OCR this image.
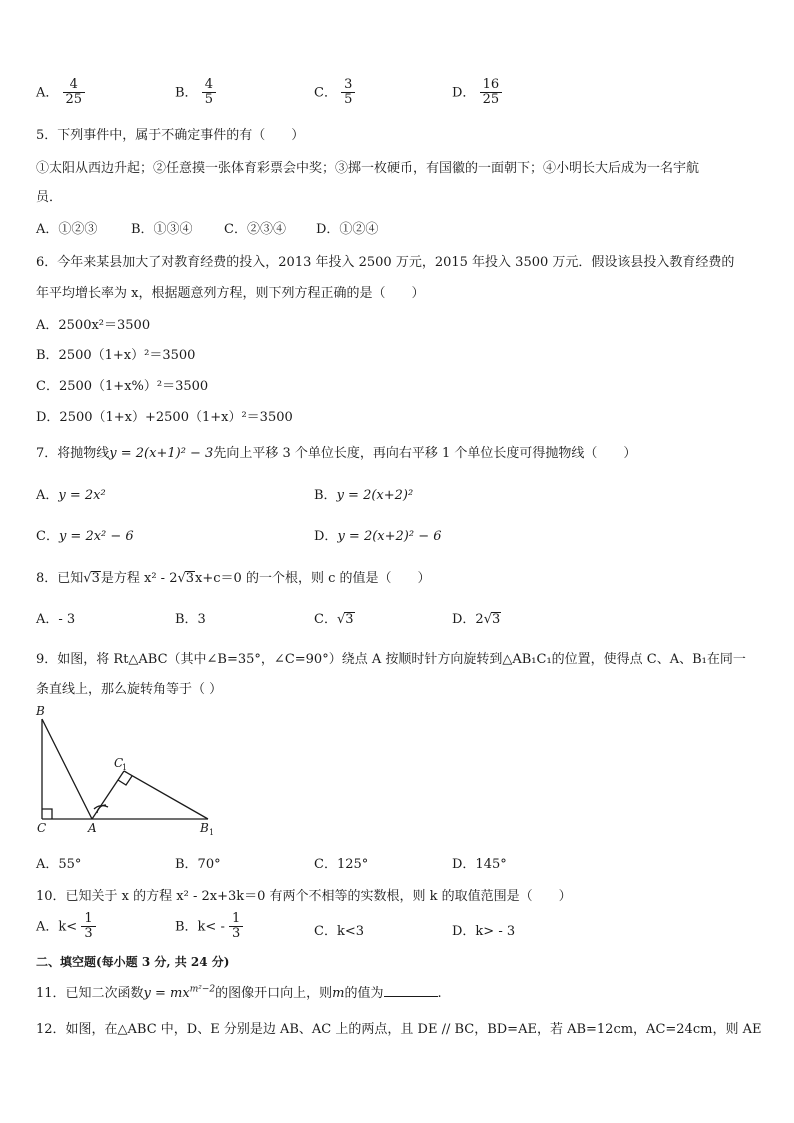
A． $\frac{4}{25}$	B． $\frac{4}{5}$	C． $\frac{3}{5}$	D． $\frac{16}{25}$
5．下列事件中，属于不确定事件的有（　　）
①太阳从西边升起；②任意摸一张体育彩票会中奖；③掷一枚硬币，有国徽的一面朝下；④小明长大后成为一名宇航
员．
A．①②③	B．①③④ C．②③④ D．①②④
6．今年来某县加大了对教育经费的投入，2013 年投入 2500 万元，2015 年投入 3500 万元．假设该县投入教育经费的
年平均增长率为 x，根据题意列方程，则下列方程正确的是（　　）
A．2500x²＝3500
B．2500（1+x）²＝3500
C．2500（1+x%）²＝3500
D．2500（1+x）+2500（1+x）²＝3500
7．将抛物线y = 2(x+1)² − 3先向上平移 3 个单位长度，再向右平移 1 个单位长度可得抛物线（　　）
A．y = 2x²	B．y = 2(x+2)²
C．y = 2x² − 6	D．y = 2(x+2)² − 6
8．已知√3是方程 x² - 2√3x+c＝0 的一个根，则 c 的值是（　　）
A．- 3	B．3	C．√3	D．2√3
9．如图，将 Rt△ABC（其中∠B=35°，∠C=90°）绕点 A 按顺时针方向旋转到△AB₁C₁的位置，使得点 C、A、B₁在同一
条直线上，那么旋转角等于（ ）
B
C	A
C
1
B 1
A．55°	B．70°	C．125°	D．145°
10．已知关于 x 的方程 x² - 2x+3k＝0 有两个不相等的实数根，则 k 的取值范围是（　　）
A．$k< \frac{1}{3}$	B．$k< - \frac{1}{3}$	C．k<3	D．k> - 3
二、填空题(每小题 3 分, 共 24 分)
11．已知二次函数$y = mx^{m^2-2}$的图像开口向上，则m的值为	.
12．如图，在△ABC 中，D、E 分别是边 AB、AC 上的两点，且 DE // BC，BD=AE，若 AB=12cm，AC=24cm，则 AE
